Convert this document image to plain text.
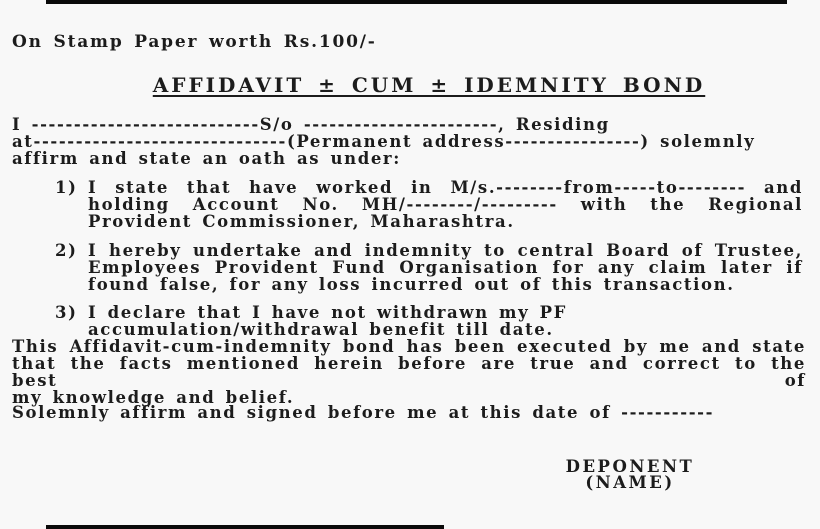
On Stamp Paper worth Rs.100/-
AFFIDAVIT ± CUM ± IDEMNITY BOND
I ---------------------------S/o -----------------------, Residing
at------------------------------(Permanent address----------------) solemnly
affirm and state an oath as under:
1) I state that have worked in M/s.--------from-----to-------- and
holding Account No. MH/--------/--------- with the Regional
Provident Commissioner, Maharashtra.
2) I hereby undertake and indemnity to central Board of Trustee,
Employees Provident Fund Organisation for any claim later if
found false, for any loss incurred out of this transaction.
3) I declare that I have not withdrawn my PF
accumulation/withdrawal benefit till date.
This Affidavit-cum-indemnity bond has been executed by me and state
that the facts mentioned herein before are true and correct to the best of
my knowledge and belief.
Solemnly affirm and signed before me at this date of -----------
DEPONENT
(NAME)
